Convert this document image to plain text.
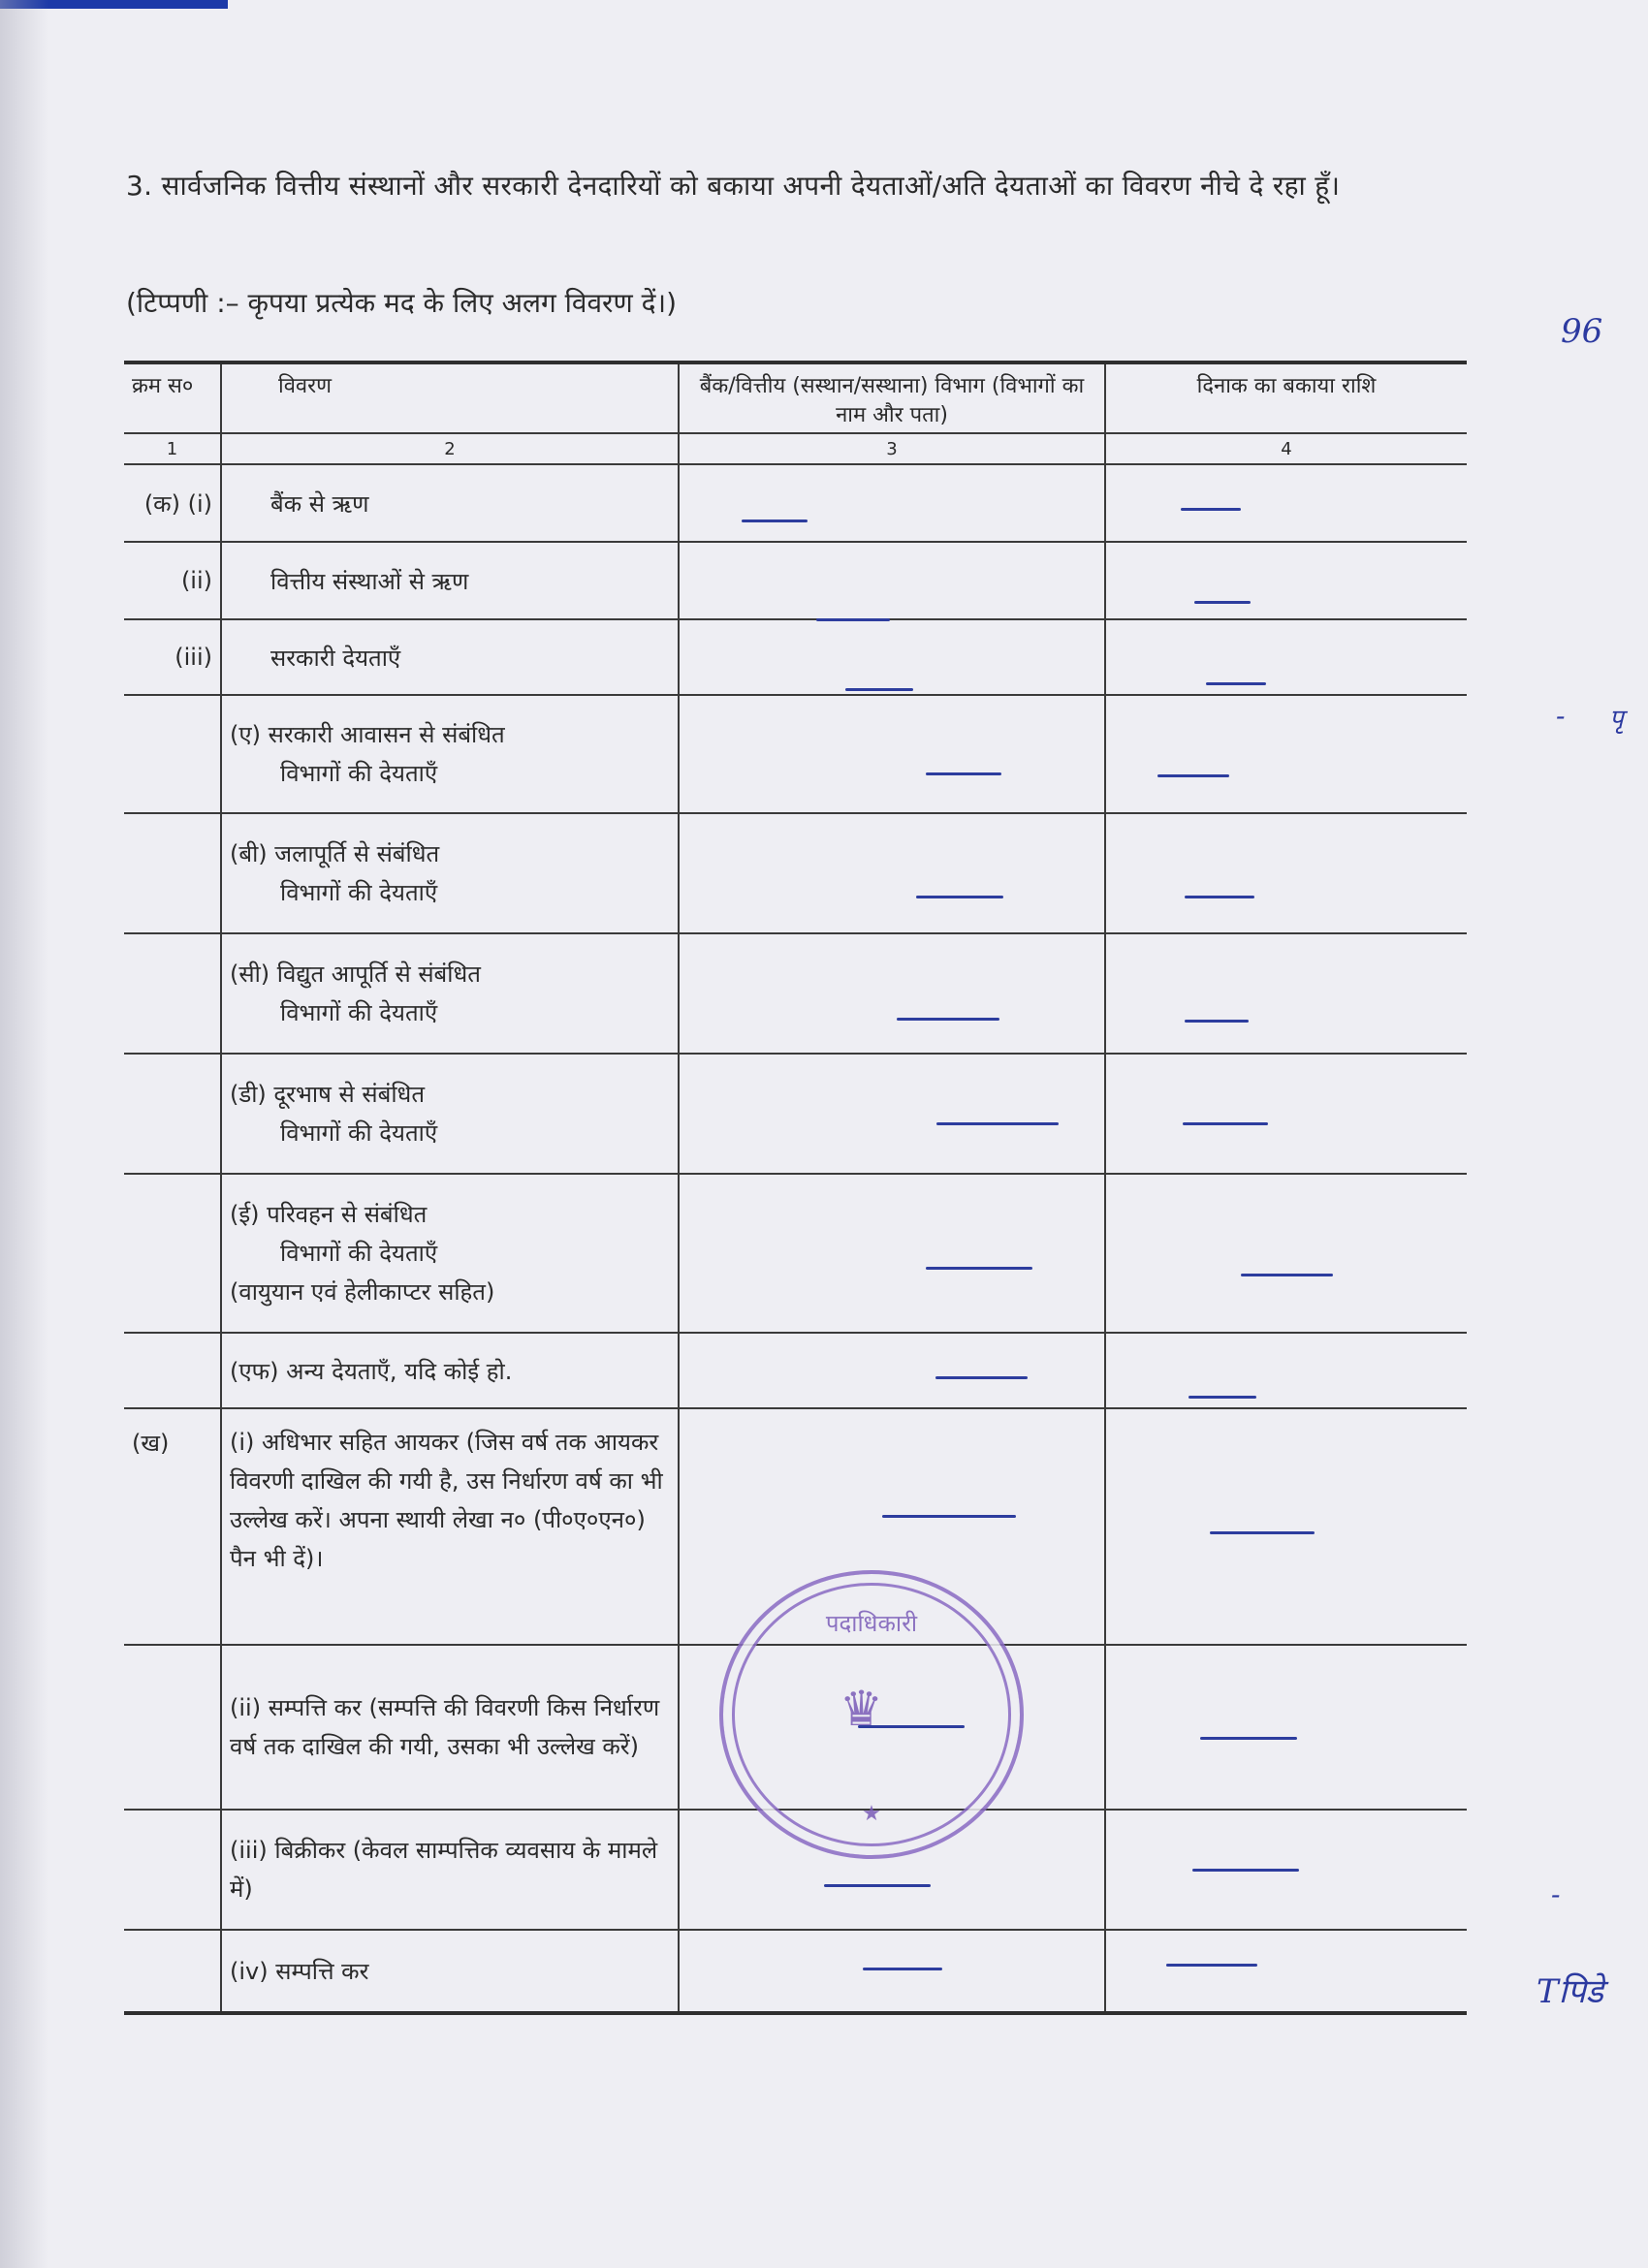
3. सार्वजनिक वित्तीय संस्थानों और सरकारी देनदारियों को बकाया अपनी देयताओं/अति देयताओं का विवरण नीचे दे रहा हूँ।
(टिप्पणी :– कृपया प्रत्येक मद के लिए अलग विवरण दें।)
96
- पृ
-
क्रम स०	विवरण	बैंक/वित्तीय (सस्थान/सस्थाना) विभाग (विभागों का नाम और पता)	दिनाक का बकाया राशि
1	2	3	4
(क) (i)	बैंक से ऋण		
(ii)	वित्तीय संस्थाओं से ऋण		
(iii)	सरकारी देयताएँ		
	(ए) सरकारी आवासन से संबंधित
विभागों की देयताएँ		

	(बी) जलापूर्ति से संबंधित
विभागों की देयताएँ		

	(सी) विद्युत आपूर्ति से संबंधित
विभागों की देयताएँ		

	(डी) दूरभाष से संबंधित
विभागों की देयताएँ		

	(ई) परिवहन से संबंधित
विभागों की देयताएँ
(वायुयान एवं हेलीकाप्टर सहित)		
	(एफ) अन्य देयताएँ, यदि कोई हो.		
(ख)	(i) अधिभार सहित आयकर (जिस वर्ष तक आयकर विवरणी दाखिल की गयी है, उस निर्धारण वर्ष का भी उल्लेख करें। अपना स्थायी लेखा न० (पी०ए०एन०) पैन भी दें)।		
	(ii) सम्पत्ति कर (सम्पत्ति की विवरणी किस निर्धारण वर्ष तक दाखिल की गयी, उसका भी उल्लेख करें)		
	(iii) बिक्रीकर (केवल साम्पत्तिक व्यवसाय के मामले में)		
	(iv) सम्पत्ति कर		
पदाधिकारी
♛
★
Tपिडे
